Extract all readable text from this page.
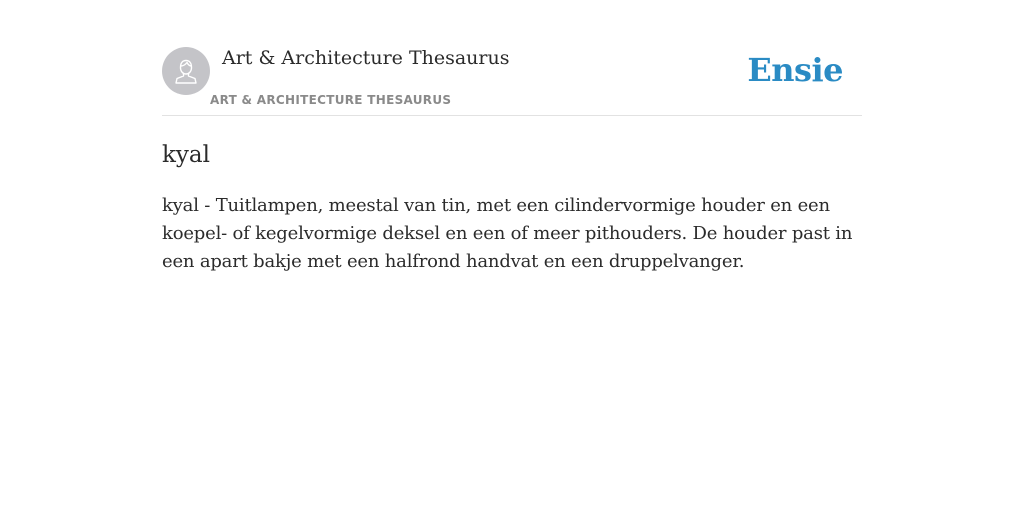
Art & Architecture Thesaurus
ART & ARCHITECTURE THESAURUS
Ensie
kyal

kyal - Tuitlampen, meestal van tin, met een cilindervormige houder en een koepel- of kegelvormige deksel en een of meer pithouders. De houder past in een apart bakje met een halfrond handvat en een druppelvanger.
